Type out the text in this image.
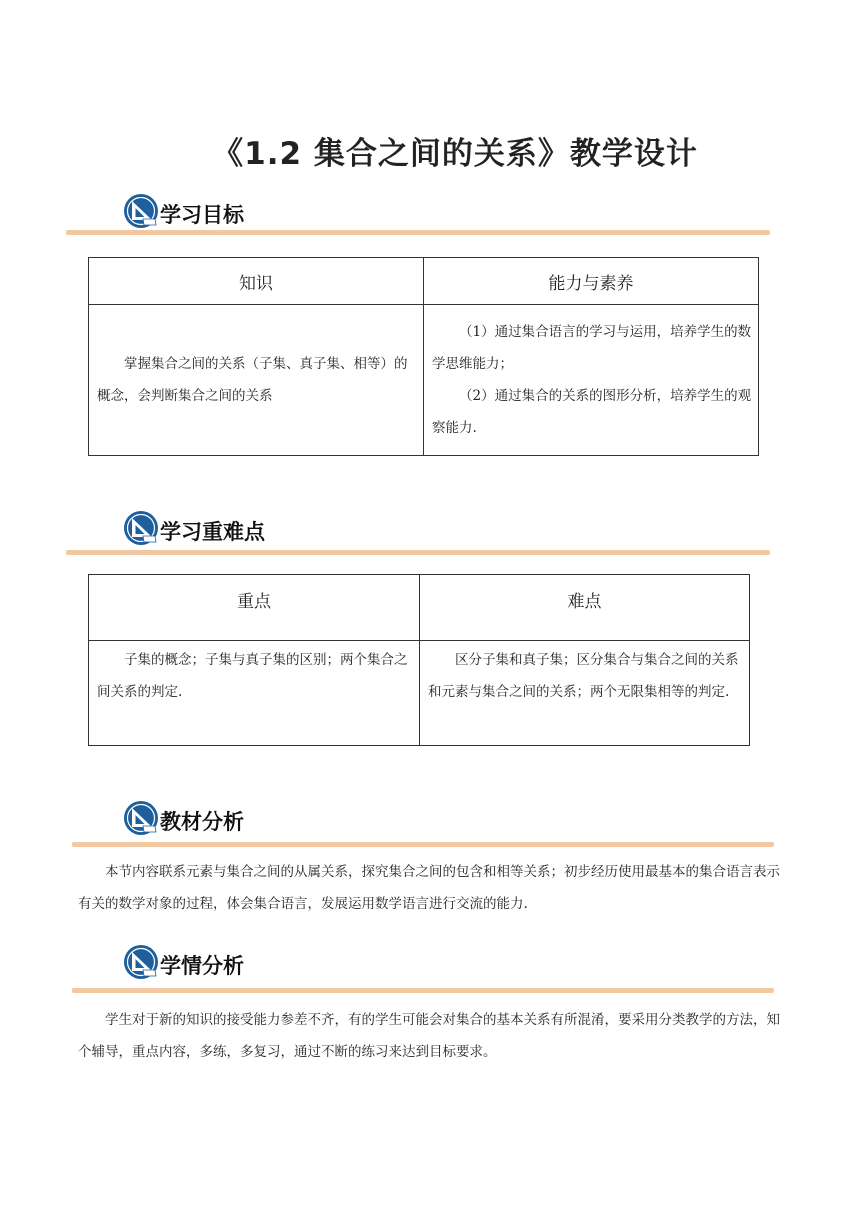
《1.2 集合之间的关系》教学设计
学习目标
知识	能力与素养

掌握集合之间的关系（子集、真子集、相等）的概念，会判断集合之间的关系	（1）通过集合语言的学习与运用，培养学生的数学思维能力；

（2）通过集合的关系的图形分析，培养学生的观察能力.

学习重难点
重点	难点

子集的概念；子集与真子集的区别；两个集合之间关系的判定.	区分子集和真子集；区分集合与集合之间的关系和元素与集合之间的关系；两个无限集相等的判定.

教材分析

本节内容联系元素与集合之间的从属关系，探究集合之间的包含和相等关系；初步经历使用最基本的集合语言表示有关的数学对象的过程，体会集合语言，发展运用数学语言进行交流的能力.

学情分析

学生对于新的知识的接受能力参差不齐，有的学生可能会对集合的基本关系有所混淆，要采用分类教学的方法，知个辅导，重点内容，多练，多复习，通过不断的练习来达到目标要求。
